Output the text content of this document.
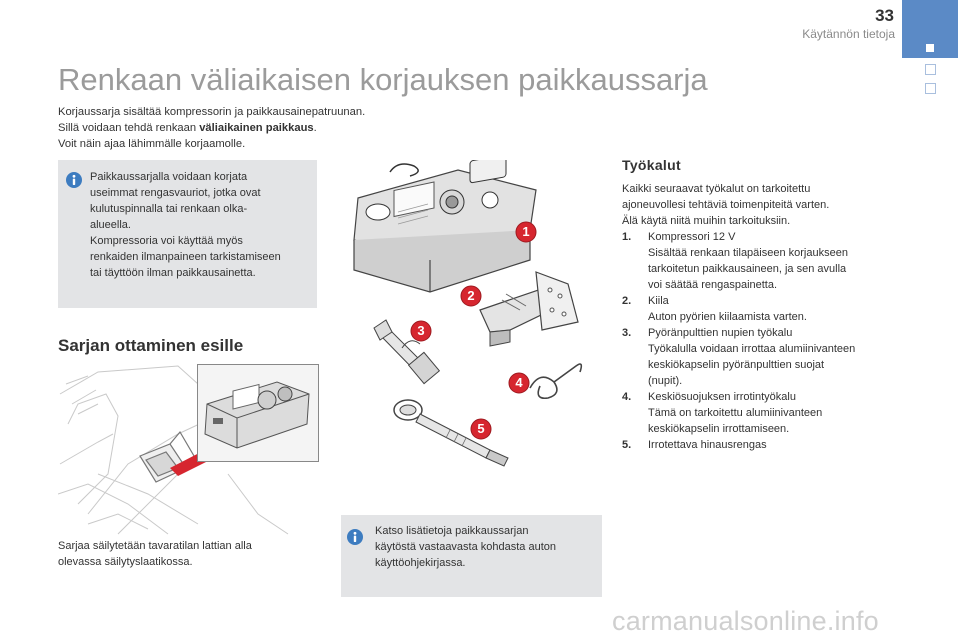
33
Käytännön tietoja
Renkaan väliaikaisen korjauksen paikkaussarja
Korjaussarja sisältää kompressorin ja paikkausainepatruunan.
Sillä voidaan tehdä renkaan väliaikainen paikkaus.
Voit näin ajaa lähimmälle korjaamolle.
Paikkaussarjalla voidaan korjata
useimmat rengasvauriot, jotka ovat
kulutuspinnalla tai renkaan olka-
alueella.
Kompressoria voi käyttää myös
renkaiden ilmanpaineen tarkistamiseen
tai täyttöön ilman paikkausainetta.
Sarjan ottaminen esille
Sarjaa säilytetään tavaratilan lattian alla
olevassa säilytyslaatikossa.
1
2
3
4
5
Katso lisätietoja paikkaussarjan
käytöstä vastaavasta kohdasta auton
käyttöohjekirjassa.
Työkalut
Kaikki seuraavat työkalut on tarkoitettu
ajoneuvollesi tehtäviä toimenpiteitä varten.
Älä käytä niitä muihin tarkoituksiin.
1. Kompressori 12 V
Sisältää renkaan tilapäiseen korjaukseen
tarkoitetun paikkausaineen, ja sen avulla
voi säätää rengaspainetta.
2. Kiila
Auton pyörien kiilaamista varten.
3. Pyöränpulttien nupien työkalu
Työkalulla voidaan irrottaa alumiinivanteen
keskiökapselin pyöränpulttien suojat
(nupit).
4. Keskiösuojuksen irrotintyökalu
Tämä on tarkoitettu alumiinivanteen
keskiökapselin irrottamiseen.
5. Irrotettava hinausrengas
carmanualsonline.info
